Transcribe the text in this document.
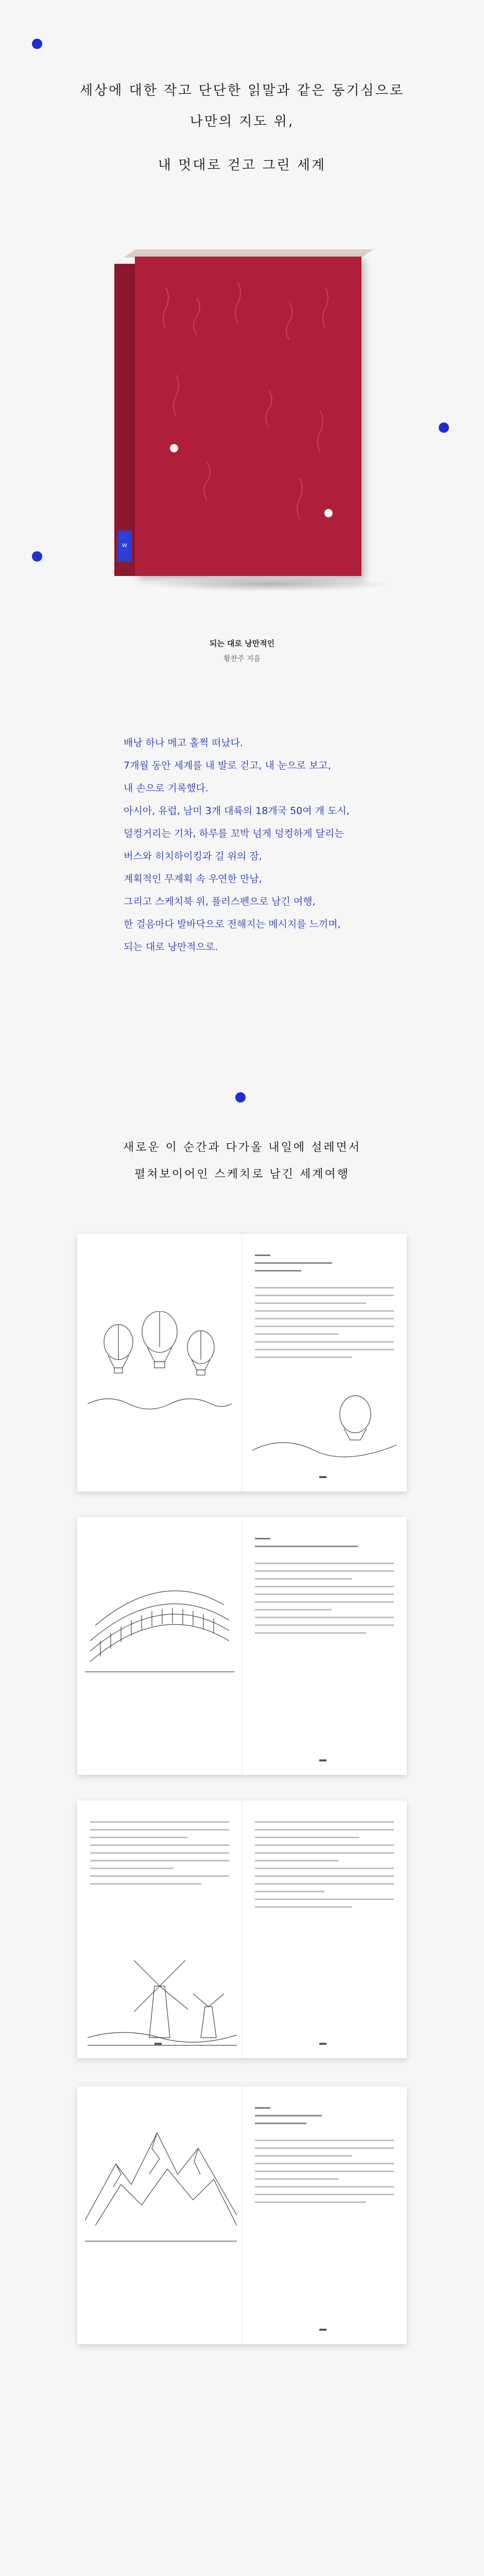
세상에 대한 작고 단단한 읽말과 같은 동기심으로
나만의 지도 위,
내 멋대로 걷고 그린 세계
W
되는 대로 낭만적인
황찬주 지음

배낭 하나 메고 홀쩍 떠났다.

7개월 동안 세계를 내 발로 걷고, 내 눈으로 보고,

내 손으로 기록했다.

아시아, 유럽, 남미 3개 대륙의 18개국 50여 개 도시,

덜컹거리는 기차, 하루를 꼬박 넘게 덩컹하게 달리는

버스와 히치하이킹과 길 위의 잠,

계획적인 무계획 속 우연한 만남,

그리고 스케치북 위, 플러스펜으로 남긴 여행,

한 걸음마다 발바닥으로 전해지는 메시지를 느끼며,

되는 대로 낭만적으로.

새로운 이 순간과 다가올 내일에 설레면서
펼쳐보이어인 스케치로 남긴 세계여행
